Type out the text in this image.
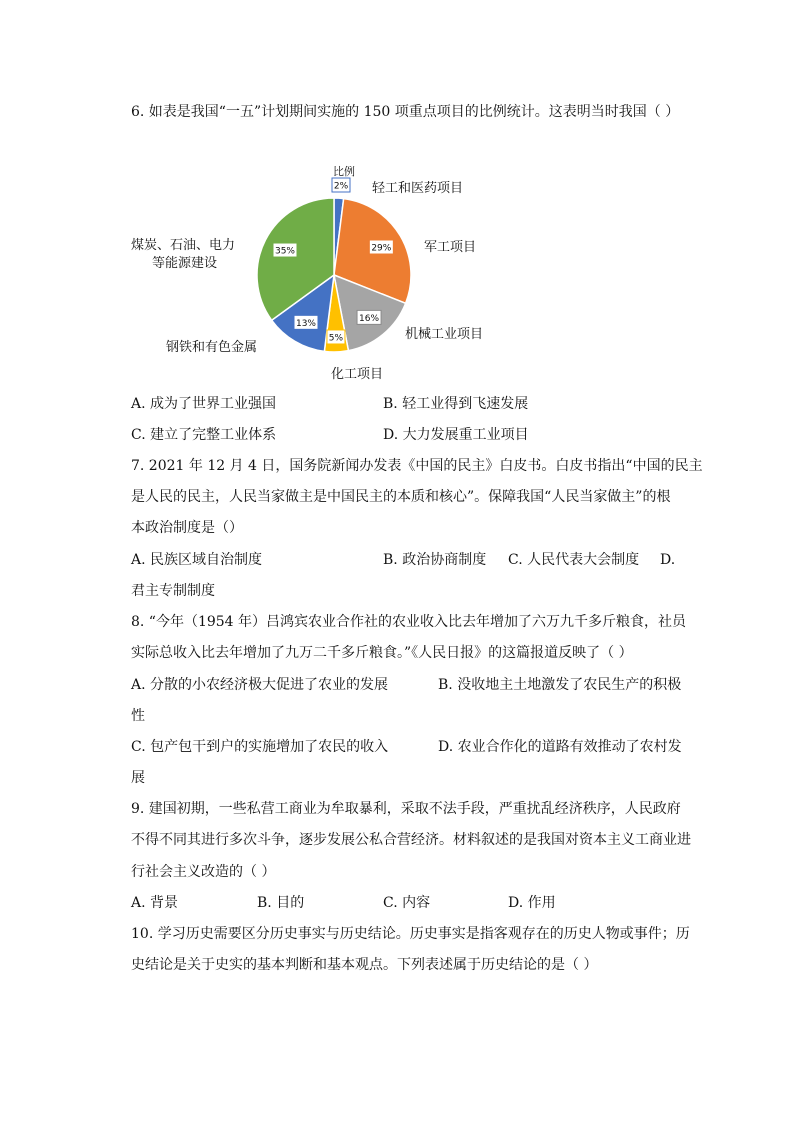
6. 如表是我国“一五”计划期间实施的 150 项重点项目的比例统计。这表明当时我国（ ）
2%
29%
16%
5%
13%
35%
比例
轻工和医药项目
军工项目
机械工业项目
化工项目
钢铁和有色金属
煤炭、石油、电力
等能源建设
A. 成为了世界工业强国	B. 轻工业得到飞速发展
C. 建立了完整工业体系	D. 大力发展重工业项目
7. 2021 年 12 月 4 日，国务院新闻办发表《中国的民主》白皮书。白皮书指出“中国的民主
是人民的民主，人民当家做主是中国民主的本质和核心”。保障我国“人民当家做主”的根
本政治制度是（）
A. 民族区域自治制度	B. 政治协商制度 C. 人民代表大会制度 D.
君主专制制度
8. “今年（1954 年）吕鸿宾农业合作社的农业收入比去年增加了六万九千多斤粮食，社员
实际总收入比去年增加了九万二千多斤粮食。”《人民日报》的这篇报道反映了（ ）
A. 分散的小农经济极大促进了农业的发展	B. 没收地主土地激发了农民生产的积极
性
C. 包产包干到户的实施增加了农民的收入	D. 农业合作化的道路有效推动了农村发
展
9. 建国初期，一些私营工商业为牟取暴利，采取不法手段，严重扰乱经济秩序，人民政府
不得不同其进行多次斗争，逐步发展公私合营经济。材料叙述的是我国对资本主义工商业进
行社会主义改造的（ ）
A. 背景	B. 目的	C. 内容	D. 作用
10. 学习历史需要区分历史事实与历史结论。历史事实是指客观存在的历史人物或事件；历
史结论是关于史实的基本判断和基本观点。下列表述属于历史结论的是（ ）
